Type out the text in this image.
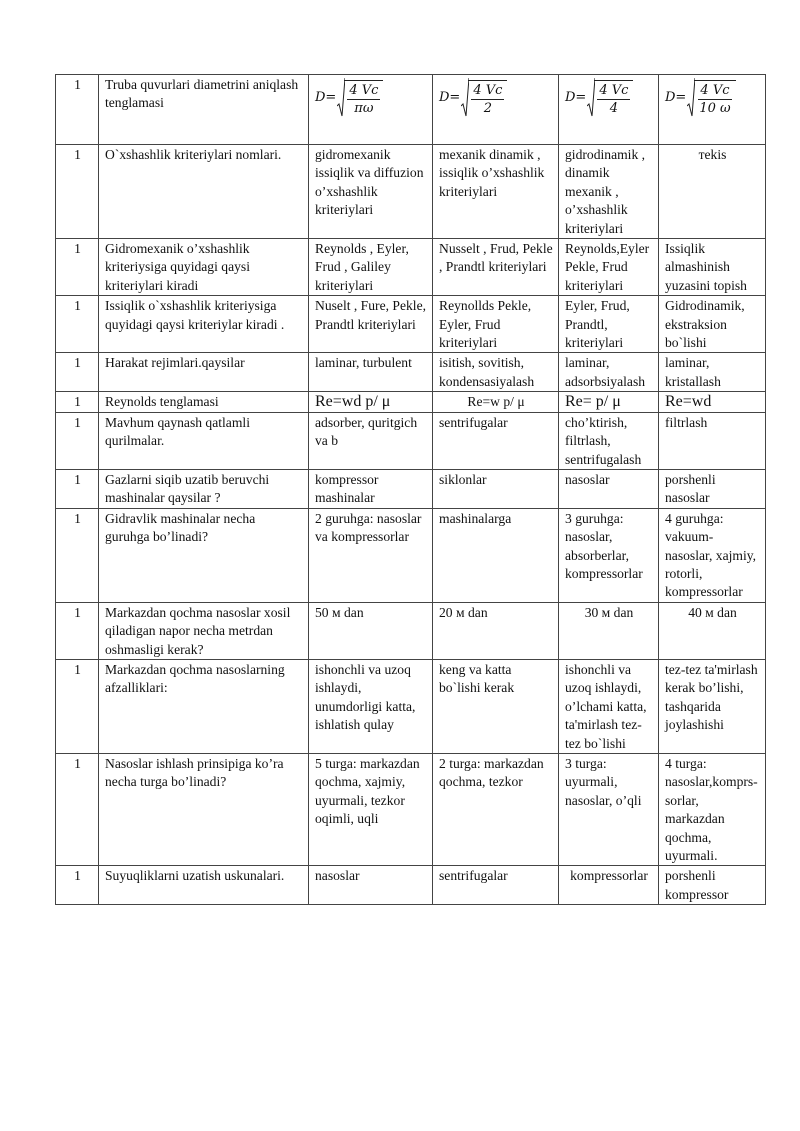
1	Truba quvurlari diametrini aniqlash tenglamasi	$D= \frac{4 Vc}{\pi\omega}$	$D= \frac{4 Vc}{2}$	$D= \frac{4 Vc}{4}$	$D= \frac{4 Vc}{10 \omega}$

1	O`xshashlik kriteriylari nomlari.	gidromexanik issiqlik va diffuzion o’xshashlik kriteriylari	mexanik dinamik , issiqlik o’xshashlik kriteriylari	gidrodinamik , dinamik mexanik , o’xshashlik kriteriylari	тekis
1	Gidromexanik o’xshashlik kriteriysiga quyidagi qaysi kriteriylari kiradi	Reynolds , Eyler, Frud , Galiley kriteriylari	Nusselt , Frud, Pekle , Prandtl kriteriylari	Reynolds,Eyler Pekle, Frud kriteriylari	Issiqlik almashinish yuzasini topish
1	Issiqlik o`xshashlik kriteriysiga quyidagi qaysi kriteriylar kiradi .	Nuselt , Fure, Pekle, Prandtl kriteriylari	Reynollds Pekle, Eyler, Frud kriteriylari	Eyler, Frud, Prandtl, kriteriylari	Gidrodinamik, ekstraksion bo`lishi
1	Harakat rejimlari.qaysilar	laminar, turbulent	isitish, sovitish, kondensasiyalash	laminar, adsorbsiyalash	laminar, kristallash
1	Reynolds tenglamasi	Re=wd p/ μ	Re=w p/ μ	Re= p/ μ	Re=wd
1	Mavhum qaynash qatlamli qurilmalar.	adsorber, quritgich va b	sentrifugalar	cho’ktirish, filtrlash, sentrifugalash	filtrlash
1	Gazlarni siqib uzatib beruvchi mashinalar qaysilar ?	kompressor mashinalar	siklonlar	nasoslar	porshenli nasoslar
1	Gidravlik mashinalar necha guruhga bo’linadi?	2 guruhga: nasoslar va kompressorlar	mashinalarga	3 guruhga: nasoslar, absorberlar, kompressorlar	4 guruhga: vakuum-nasoslar, xajmiy, rotorli, kompressorlar
1	Markazdan qochma nasoslar xosil qiladigan napor necha metrdan oshmasligi kerak?	50 м dan	20 м dan	30 м dan	40 м dan
1	Markazdan qochma nasoslarning afzalliklari:	ishonchli va uzoq ishlaydi, unumdorligi katta, ishlatish qulay	keng va katta bo`lishi kerak	ishonchli va uzoq ishlaydi, o’lchami katta, ta'mirlash tez-tez bo`lishi	tez-tez ta'mirlash kerak bo’lishi, tashqarida joylashishi
1	Nasoslar ishlash prinsipiga ko’ra necha turga bo’linadi?	5 turga: markazdan qochma, xajmiy, uyurmali, tezkor oqimli, uqli	2 turga: markazdan qochma, tezkor	3 turga: uyurmali, nasoslar, o’qli	4 turga: nasoslar,komprs-sorlar, markazdan qochma, uyurmali.
1	Suyuqliklarni uzatish uskunalari.	nasoslar	sentrifugalar	kompressorlar	porshenli kompressor
